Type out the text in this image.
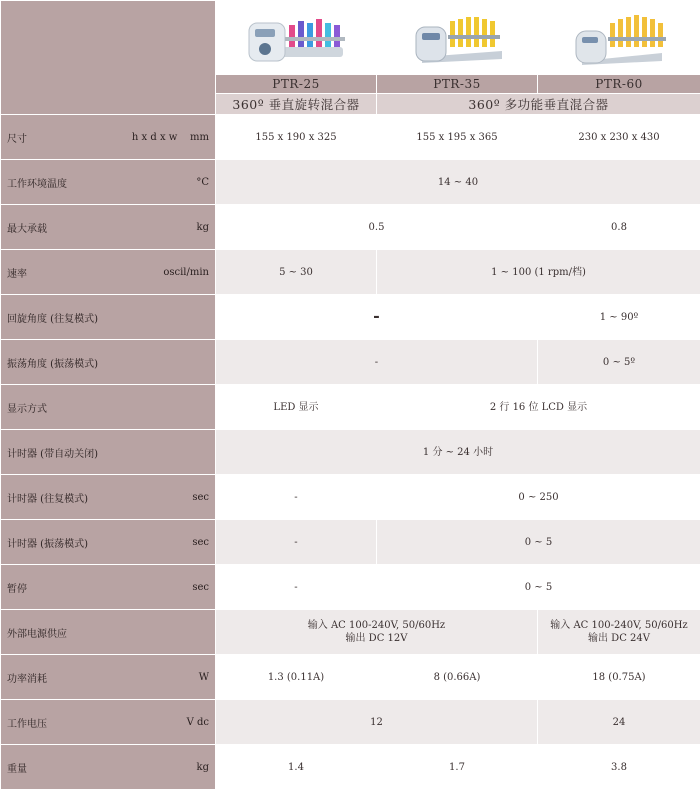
	PTR-25	PTR-35	PTR-60
	360º 垂直旋转混合器	360º 多功能垂直混合器	

尺寸 h x d x w    mm	155 x 190 x 325	155 x 195 x 365	230 x 230 x 430

工作环境温度 °C	14 ~ 40		

最大承载 kg	0.5		0.8

速率 oscil/min	5 ~ 30	1 ~ 100 (1 rpm/档)	

回旋角度 (往复模式)	-		1 ~ 90º

振荡角度 (振荡模式)	-		0 ~ 5º

显示方式	LED 显示	2 行 16 位 LCD 显示	

计时器 (带自动关闭)	1 分 ~ 24 小时		

计时器 (往复模式) sec	-	0 ~ 250	

计时器 (振荡模式) sec	-	0 ~ 5	

暂停 sec	-	0 ~ 5	

外部电源供应	输入 AC 100-240V, 50/60Hz
输出 DC 12V		输入 AC 100-240V, 50/60Hz
输出 DC 24V

功率消耗 W	1.3 (0.11A)	8 (0.66A)	18 (0.75A)

工作电压 V dc	12		24

重量 kg	1.4	1.7	3.8
